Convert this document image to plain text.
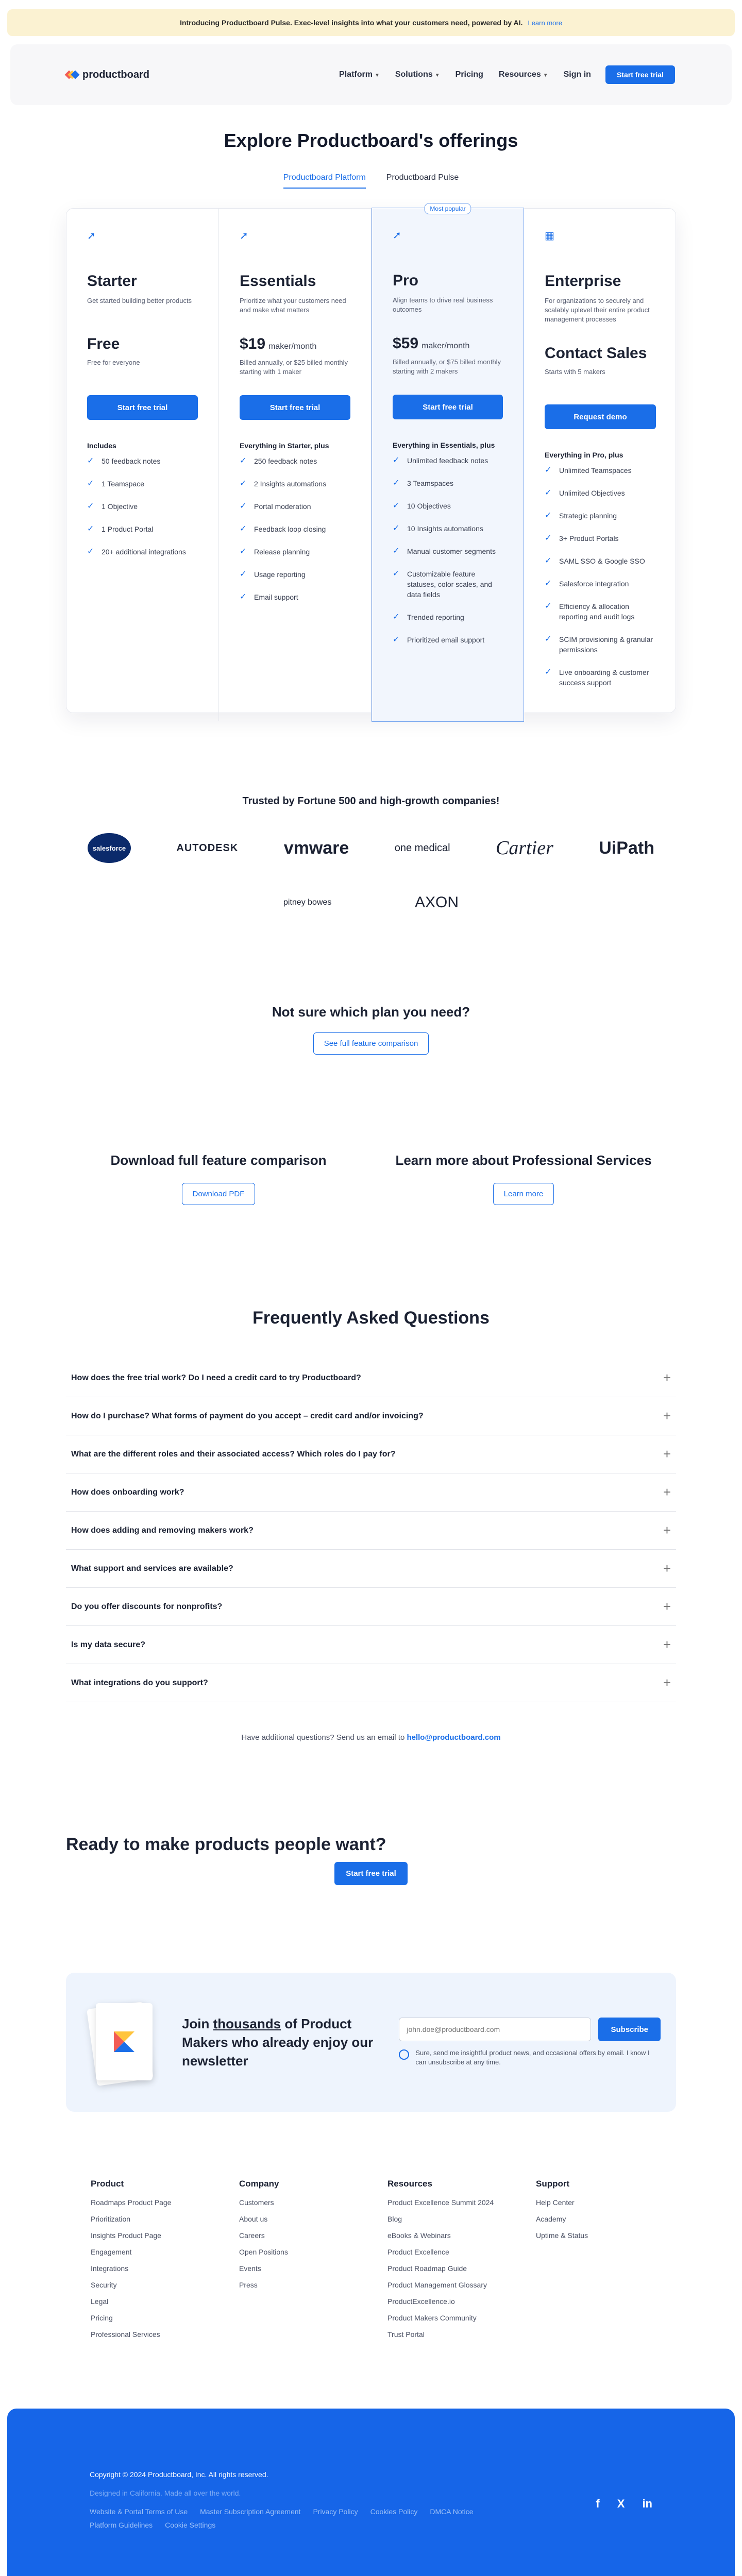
Introducing Productboard Pulse. Exec-level insights into what your customers need, powered by AI. Learn more
productboard	Platform ▼ Solutions ▼ Pricing Resources ▼ Sign in	Start free trial
Explore Productboard's offerings
Productboard Platform	Productboard Pulse
➚
Starter
Get started building better products
Free
Free for everyone
Start free trial
Includes
✓ 50 feedback notes
✓ 1 Teamspace
✓ 1 Objective
✓ 1 Product Portal
✓ 20+ additional integrations
➚
Essentials
Prioritize what your customers need and make what matters
$19 maker/month
Billed annually, or $25 billed monthly starting with 1 maker
Start free trial
Everything in Starter, plus
✓ 250 feedback notes
✓ 2 Insights automations
✓ Portal moderation
✓ Feedback loop closing
✓ Release planning
✓ Usage reporting
✓ Email support
Most popular
➚
Pro
Align teams to drive real business outcomes
$59 maker/month
Billed annually, or $75 billed monthly starting with 2 makers
Start free trial
Everything in Essentials, plus
✓ Unlimited feedback notes
✓ 3 Teamspaces
✓ 10 Objectives
✓ 10 Insights automations
✓ Manual customer segments
✓ Customizable feature statuses, color scales, and data fields
✓ Trended reporting
✓ Prioritized email support
▦
Enterprise
For organizations to securely and scalably uplevel their entire product management processes
Contact Sales
Starts with 5 makers
Request demo
Everything in Pro, plus
✓ Unlimited Teamspaces
✓ Unlimited Objectives
✓ Strategic planning
✓ 3+ Product Portals
✓ SAML SSO & Google SSO
✓ Salesforce integration
✓ Efficiency & allocation reporting and audit logs
✓ SCIM provisioning & granular permissions
✓ Live onboarding & customer success support
Trusted by Fortune 500 and high-growth companies!
salesforce	AUTODESK	vmware	one medical Cartier	UiPath
pitney bowes	AXON
Not sure which plan you need?
See full feature comparison
Download full feature comparison
Download PDF
Learn more about Professional Services
Learn more
Frequently Asked Questions
How does the free trial work? Do I need a credit card to try Productboard?	+
How do I purchase? What forms of payment do you accept – credit card and/or invoicing?	+
What are the different roles and their associated access? Which roles do I pay for?	+
How does onboarding work?	+
How does adding and removing makers work?	+
What support and services are available?	+
Do you offer discounts for nonprofits?	+
Is my data secure?	+
What integrations do you support?	+
Have additional questions? Send us an email to hello@productboard.com
Ready to make products people want?
Start free trial
Join thousands of Product Makers who already enjoy our newsletter
john.doe@productboard.com
Subscribe
Sure, send me insightful product news, and occasional offers by email. I know I can unsubscribe at any time.
Product
Roadmaps Product Page
Prioritization
Insights Product Page
Engagement
Integrations
Security
Legal
Pricing
Professional Services
Company
Customers
About us
Careers
Open Positions
Events
Press
Resources
Product Excellence Summit 2024
Blog
eBooks & Webinars
Product Excellence
Product Roadmap Guide
Product Management Glossary
ProductExcellence.io
Product Makers Community
Trust Portal
Support
Help Center
Academy
Uptime & Status
Copyright © 2024 Productboard, Inc. All rights reserved.
Designed in California. Made all over the world.
Website & Portal Terms of Use Master Subscription Agreement Privacy Policy Cookies Policy DMCA Notice
Platform Guidelines Cookie Settings
f X in
